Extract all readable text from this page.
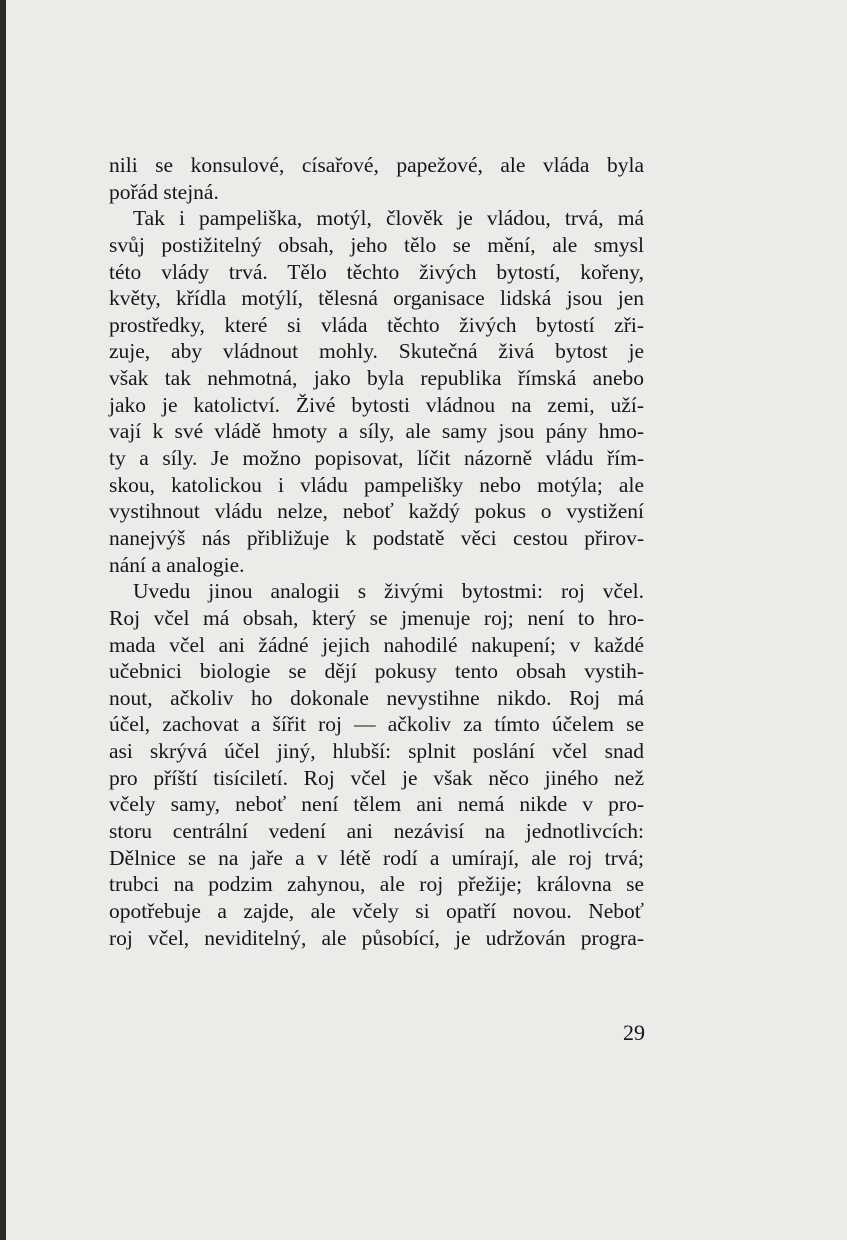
nili se konsulové, císařové, papežové, ale vláda byla
pořád stejná.
Tak i pampeliška, motýl, člověk je vládou, trvá, má
svůj postižitelný obsah, jeho tělo se mění, ale smysl
této vlády trvá. Tělo těchto živých bytostí, kořeny,
květy, křídla motýlí, tělesná organisace lidská jsou jen
prostředky, které si vláda těchto živých bytostí zři-
zuje, aby vládnout mohly. Skutečná živá bytost je
však tak nehmotná, jako byla republika římská anebo
jako je katolictví. Živé bytosti vládnou na zemi, uží-
vají k své vládě hmoty a síly, ale samy jsou pány hmo-
ty a síly. Je možno popisovat, líčit názorně vládu řím-
skou, katolickou i vládu pampelišky nebo motýla; ale
vystihnout vládu nelze, neboť každý pokus o vystižení
nanejvýš nás přibližuje k podstatě věci cestou přirov-
nání a analogie.
Uvedu jinou analogii s živými bytostmi: roj včel.
Roj včel má obsah, který se jmenuje roj; není to hro-
mada včel ani žádné jejich nahodilé nakupení; v každé
učebnici biologie se dějí pokusy tento obsah vystih-
nout, ačkoliv ho dokonale nevystihne nikdo. Roj má
účel, zachovat a šířit roj — ačkoliv za tímto účelem se
asi skrývá účel jiný, hlubší: splnit poslání včel snad
pro příští tisíciletí. Roj včel je však něco jiného než
včely samy, neboť není tělem ani nemá nikde v pro-
storu centrální vedení ani nezávisí na jednotlivcích:
Dělnice se na jaře a v létě rodí a umírají, ale roj trvá;
trubci na podzim zahynou, ale roj přežije; královna se
opotřebuje a zajde, ale včely si opatří novou. Neboť
roj včel, neviditelný, ale působící, je udržován progra-
29
